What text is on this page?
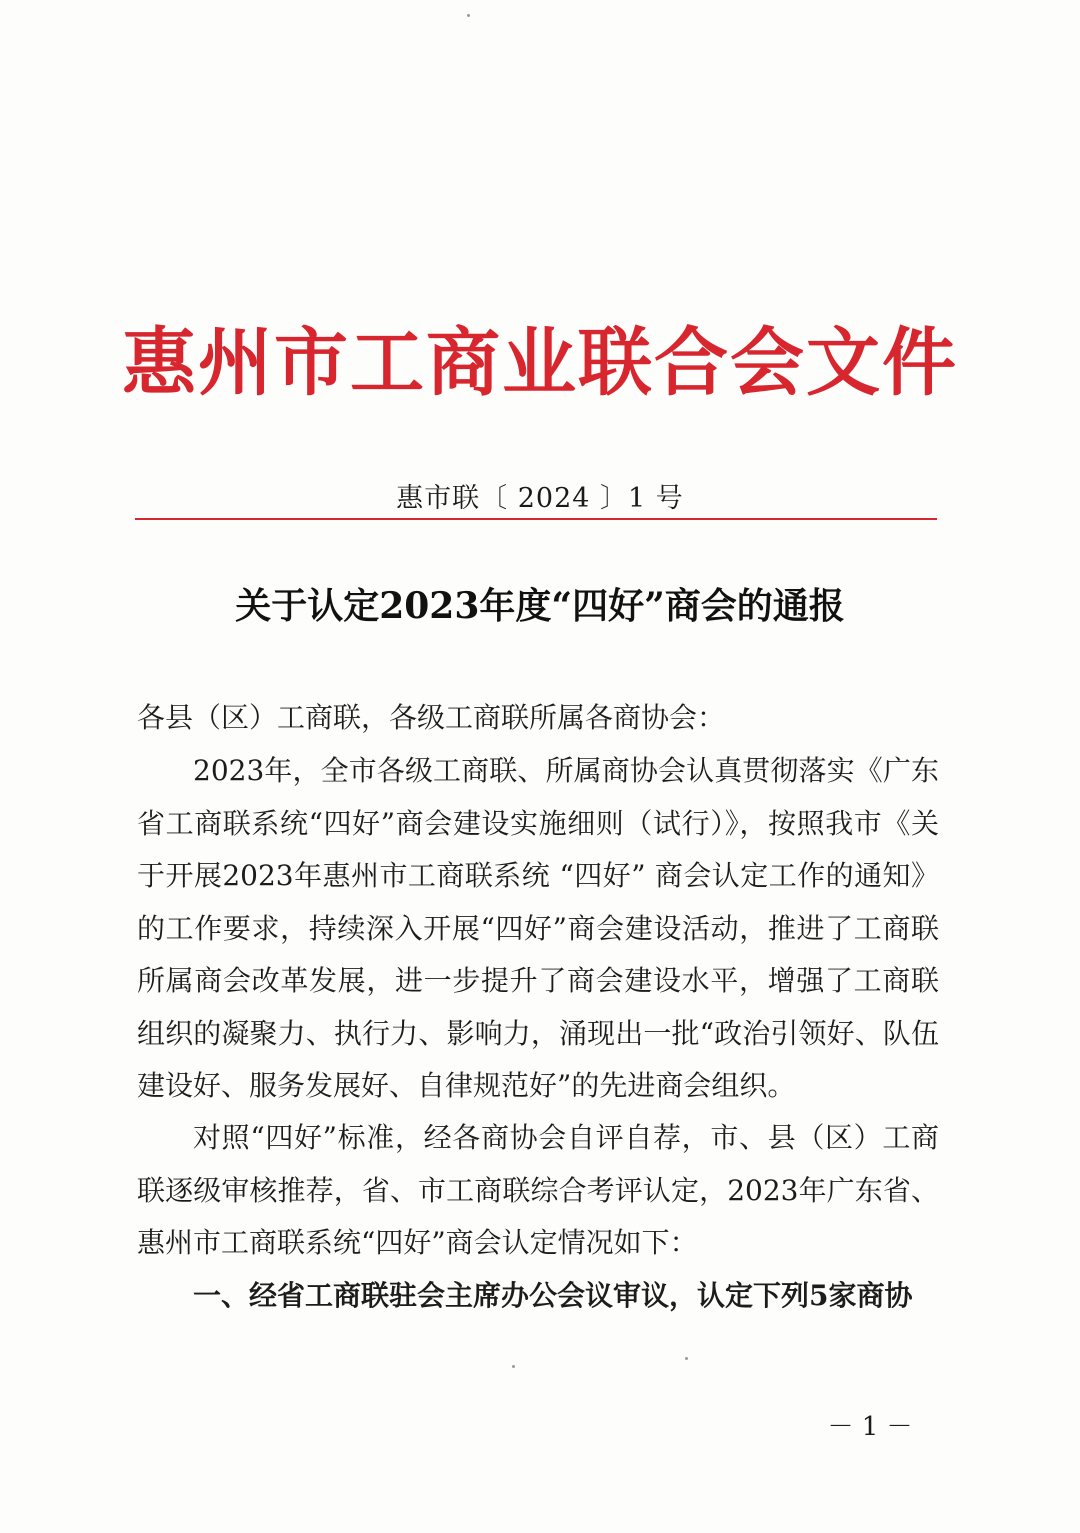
惠州市工商业联合会文件
惠市联〔 2024 〕1 号
关于认定2023年度“四好”商会的通报

各县（区）工商联，各级工商联所属各商协会：

2023年，全市各级工商联、所属商协会认真贯彻落实《广东省工商联系统“四好”商会建设实施细则（试行）》，按照我市《关于开展2023年惠州市工商联系统 “四好” 商会认定工作的通知》的工作要求，持续深入开展“四好”商会建设活动，推进了工商联所属商会改革发展，进一步提升了商会建设水平，增强了工商联组织的凝聚力、执行力、影响力，涌现出一批“政治引领好、队伍建设好、服务发展好、自律规范好”的先进商会组织。

对照“四好”标准，经各商协会自评自荐，市、县（区）工商联逐级审核推荐，省、市工商联综合考评认定，2023年广东省、惠州市工商联系统“四好”商会认定情况如下：

一、经省工商联驻会主席办公会议审议，认定下列5家商协

－ 1 －
